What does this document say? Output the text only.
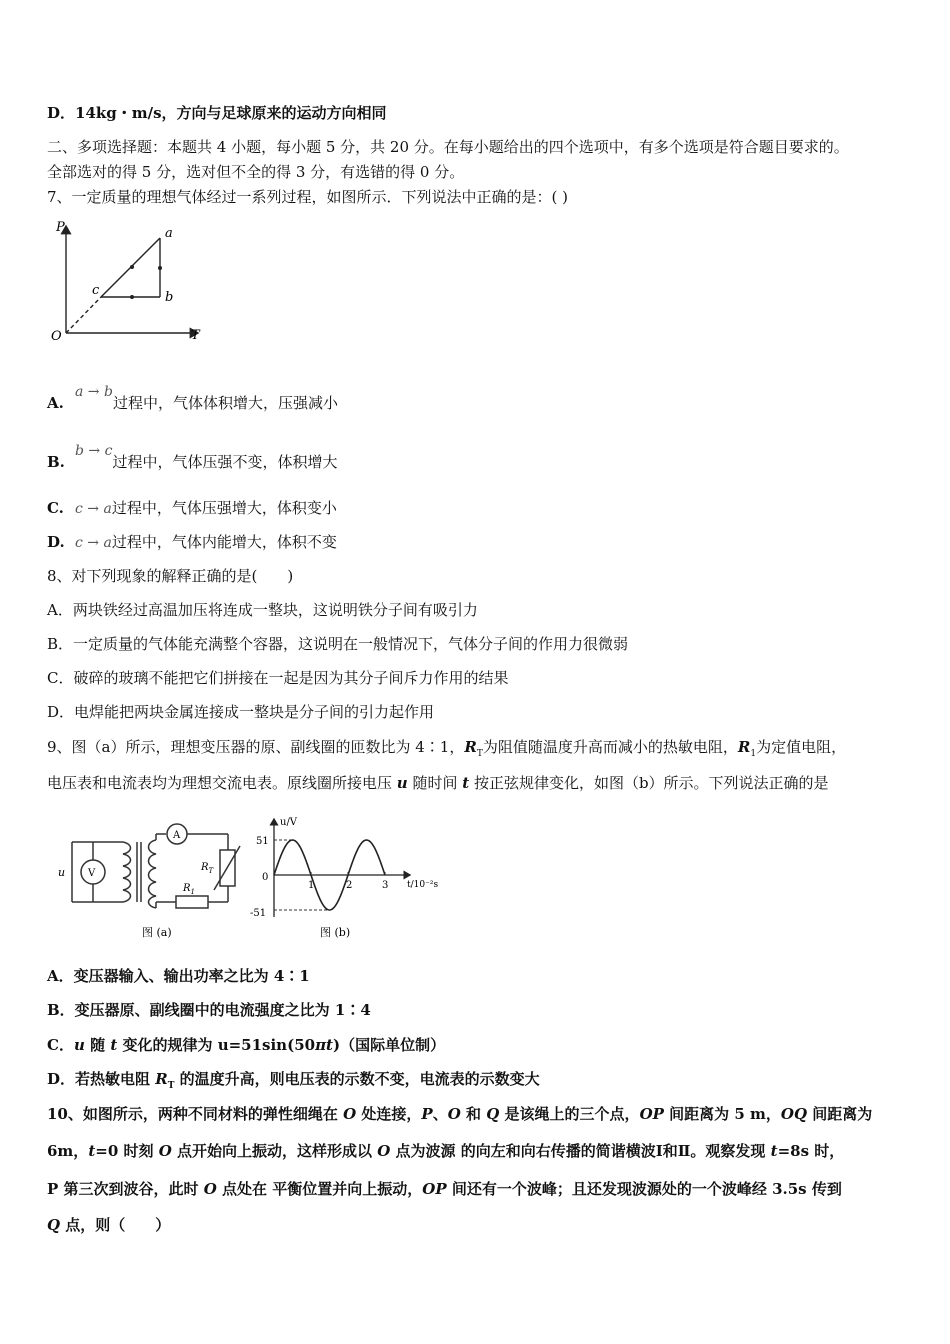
D．14kg・m/s，方向与足球原来的运动方向相同
二、多项选择题：本题共 4 小题，每小题 5 分，共 20 分。在每小题给出的四个选项中，有多个选项是符合题目要求的。
全部选对的得 5 分，选对但不全的得 3 分，有选错的得 0 分。
7、一定质量的理想气体经过一系列过程，如图所示．下列说法中正确的是：( )
P
T
O
a
b
c
A.a → b过程中，气体体积增大，压强减小
B.b → c过程中，气体压强不变，体积增大
C. c → a过程中，气体压强增大，体积变小
D. c → a过程中，气体内能增大，体积不变
8、对下列现象的解释正确的是(　　)
A．两块铁经过高温加压将连成一整块，这说明铁分子间有吸引力
B．一定质量的气体能充满整个容器，这说明在一般情况下，气体分子间的作用力很微弱
C．破碎的玻璃不能把它们拼接在一起是因为其分子间斥力作用的结果
D．电焊能把两块金属连接成一整块是分子间的引力起作用
9、图（a）所示，理想变压器的原、副线圈的匝数比为 4∶1，$R_T$为阻值随温度升高而减小的热敏电阻，$R_1$为定值电阻，
电压表和电流表均为理想交流电表。原线圈所接电压 u 随时间 t 按正弦规律变化，如图（b）所示。下列说法正确的是
u V
A
$R_T$
$R_1$
图 (a)
u/V
t/10⁻²s
51
-51
0
1	2	3
图 (b)
A．变压器输入、输出功率之比为 4∶1
B．变压器原、副线圈中的电流强度之比为 1∶4
C．u 随 t 变化的规律为 u=51sin(50πt)（国际单位制）
D．若热敏电阻 $R_T$ 的温度升高，则电压表的示数不变，电流表的示数变大
10、如图所示，两种不同材料的弹性细绳在 O 处连接，P、O 和 Q 是该绳上的三个点，OP 间距离为 5 m，OQ 间距离为
6m，t=0 时刻 O 点开始向上振动，这样形成以 O 点为波源 的向左和向右传播的简谐横波Ⅰ和Ⅱ。观察发现 t=8s 时，
P 第三次到波谷，此时 O 点处在 平衡位置并向上振动，OP 间还有一个波峰；且还发现波源处的一个波峰经 3.5s 传到
Q 点，则（　　）
